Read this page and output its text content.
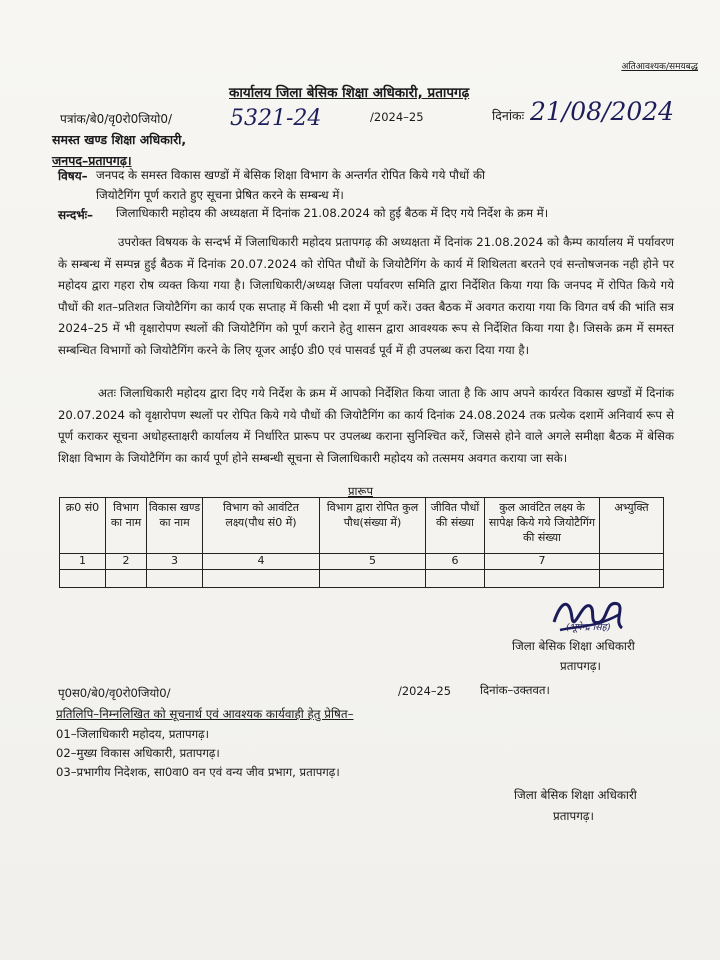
अतिआवश्यक/समयबद्ध
कार्यालय जिला बेसिक शिक्षा अधिकारी, प्रतापगढ़
पत्रांक/बे0/वृ0रो0जियो0/	5321-24	/2024–25	दिनांकः 21/08/2024
समस्त खण्ड शिक्षा अधिकारी,
जनपद–प्रतापगढ़।
विषय– जनपद के समस्त विकास खण्डों में बेसिक शिक्षा विभाग के अन्तर्गत रोपित किये गये पौधों की
जियोटैगिंग पूर्ण कराते हुए सूचना प्रेषित करने के सम्बन्ध में।
सन्दर्भः– जिलाधिकारी महोदय की अध्यक्षता में दिनांक 21.08.2024 को हुई बैठक में दिए गये निर्देश के क्रम में।
उपरोक्त विषयक के सन्दर्भ में जिलाधिकारी महोदय प्रतापगढ़ की अध्यक्षता में दिनांक 21.08.2024 को कैम्प कार्यालय में पर्यावरण के सम्बन्ध में सम्पन्न हुई बैठक में दिनांक 20.07.2024 को रोपित पौधों के जियोटैगिंग के कार्य में शिथिलता बरतने एवं सन्तोषजनक नही होने पर महोदय द्वारा गहरा रोष व्यक्त किया गया है। जिलाधिकारी/अध्यक्ष जिला पर्यावरण समिति द्वारा निर्देशित किया गया कि जनपद में रोपित किये गये पौधों की शत–प्रतिशत जियोटैगिंग का कार्य एक सप्ताह में किसी भी दशा में पूर्ण करें। उक्त बैठक में अवगत कराया गया कि विगत वर्ष की भांति सत्र 2024–25 में भी वृक्षारोपण स्थलों की जियोटैगिंग को पूर्ण कराने हेतु शासन द्वारा आवश्यक रूप से निर्देशित किया गया है। जिसके क्रम में समस्त सम्बन्धित विभागों को जियोटैगिंग करने के लिए यूजर आई0 डी0 एवं पासवर्ड पूर्व में ही उपलब्ध करा दिया गया है।
अतः जिलाधिकारी महोदय द्वारा दिए गये निर्देश के क्रम में आपको निर्देशित किया जाता है कि आप अपने कार्यरत विकास खण्डों में दिनांक 20.07.2024 को वृक्षारोपण स्थलों पर रोपित किये गये पौधों की जियोटैगिंग का कार्य दिनांक 24.08.2024 तक प्रत्येक दशामें अनिवार्य रूप से पूर्ण कराकर सूचना अधोहस्ताक्षरी कार्यालय में निर्धारित प्रारूप पर उपलब्ध कराना सुनिश्चित करें, जिससे होने वाले अगले समीक्षा बैठक में बेसिक शिक्षा विभाग के जियोटैगिंग का कार्य पूर्ण होने सम्बन्धी सूचना से जिलाधिकारी महोदय को तत्समय अवगत कराया जा सके।
प्रारूप
क्र0 सं0	विभाग का नाम	विकास खण्ड का नाम	विभाग को आवंटित लक्ष्य(पौध सं0 में)	विभाग द्वारा रोपित कुल पौध(संख्या में)	जीवित पौधों की संख्या	कुल आवंटित लक्ष्य के सापेक्ष किये गये जियोटैगिंग की संख्या	अभ्युक्ति
1	2	3	4	5	6	7	

(भूपेन्द्र सिंह)
जिला बेसिक शिक्षा अधिकारी
प्रतापगढ़।
पृ0स0/बे0/वृ0रो0जियो0/	/2024–25 दिनांक–उक्तवत।
प्रतिलिपि–निम्नलिखित को सूचनार्थ एवं आवश्यक कार्यवाही हेतु प्रेषित–
01–जिलाधिकारी महोदय, प्रतापगढ़।
02–मुख्य विकास अधिकारी, प्रतापगढ़।
03–प्रभागीय निदेशक, सा0वा0 वन एवं वन्य जीव प्रभाग, प्रतापगढ़।
जिला बेसिक शिक्षा अधिकारी
प्रतापगढ़।
